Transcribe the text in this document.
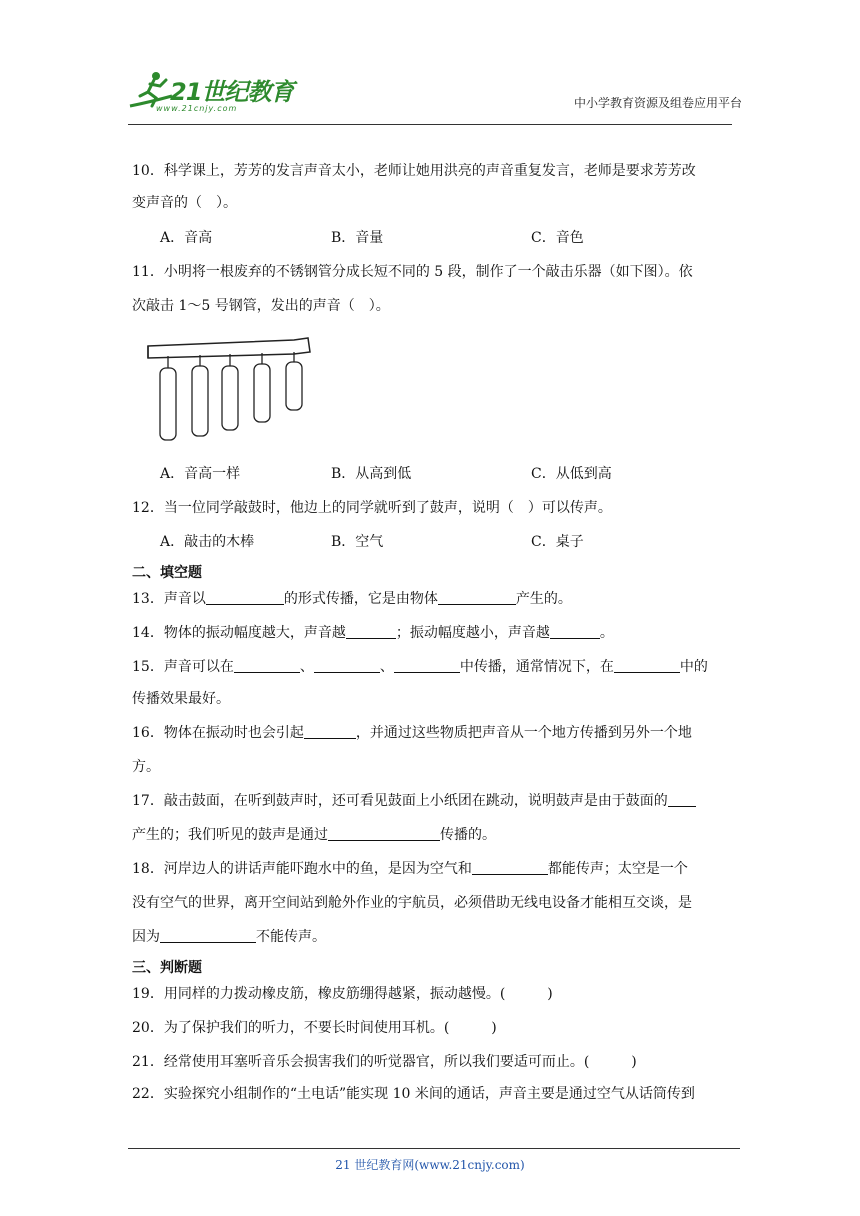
21世纪教育
www.21cnjy.com	中小学教育资源及组卷应用平台
10．科学课上，芳芳的发言声音太小，老师让她用洪亮的声音重复发言，老师是要求芳芳改
变声音的（　）。
A．音高	B．音量	C．音色
11．小明将一根废弃的不锈钢管分成长短不同的 5 段，制作了一个敲击乐器（如下图）。依
次敲击 1～5 号钢管，发出的声音（　）。
A．音高一样	B．从高到低	C．从低到高
12．当一位同学敲鼓时，他边上的同学就听到了鼓声，说明（　）可以传声。
A．敲击的木棒	B．空气	C．桌子
二、填空题
13．声音以	的形式传播，它是由物体	产生的。
14．物体的振动幅度越大，声音越	；振动幅度越小，声音越	。
15．声音可以在	、	、	中传播，通常情况下，在	中的
传播效果最好。
16．物体在振动时也会引起	，并通过这些物质把声音从一个地方传播到另外一个地
方。
17．敲击鼓面，在听到鼓声时，还可看见鼓面上小纸团在跳动，说明鼓声是由于鼓面的
产生的；我们听见的鼓声是通过	传播的。
18．河岸边人的讲话声能吓跑水中的鱼，是因为空气和	都能传声；太空是一个
没有空气的世界，离开空间站到舱外作业的宇航员，必须借助无线电设备才能相互交谈，是
因为	不能传声。
三、判断题
19．用同样的力拨动橡皮筋，橡皮筋绷得越紧，振动越慢。(　　　)
20．为了保护我们的听力，不要长时间使用耳机。(　　　)
21．经常使用耳塞听音乐会损害我们的听觉器官，所以我们要适可而止。(　　　)
22．实验探究小组制作的“土电话”能实现 10 米间的通话，声音主要是通过空气从话筒传到
21 世纪教育网(www.21cnjy.com)
